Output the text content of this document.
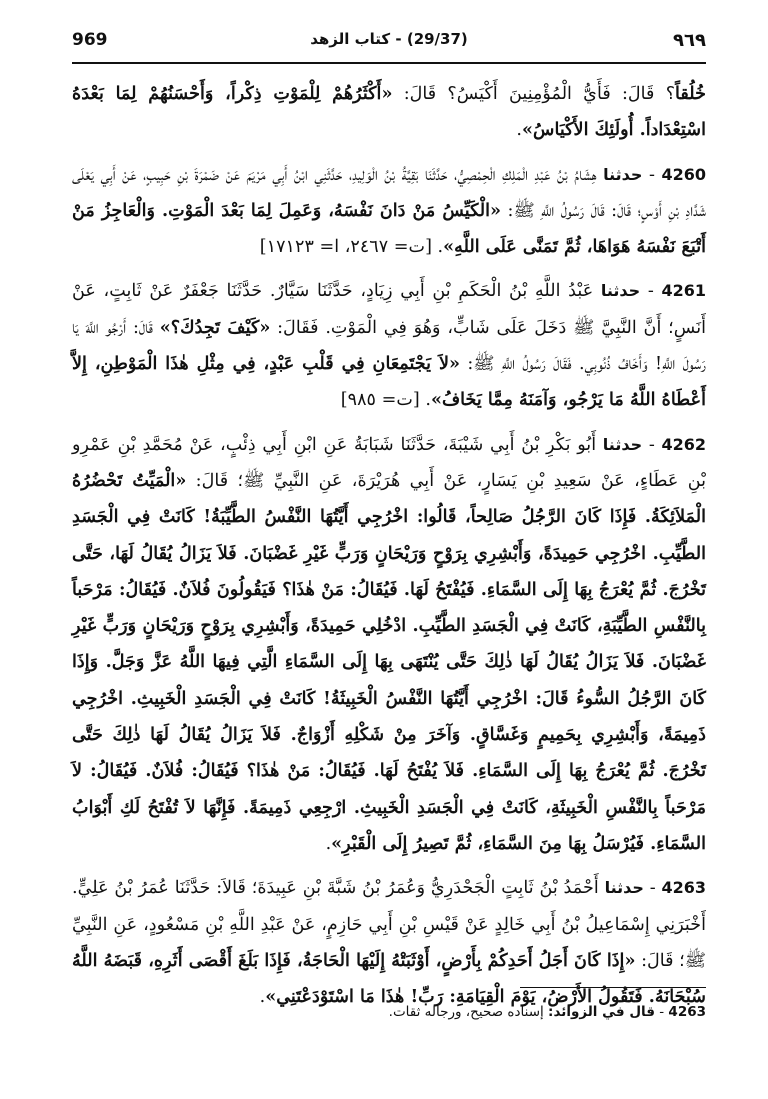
969	(29/37) - كتاب الزهد	٩٦٩

خُلُقاً؟ قَالَ: فَأَيُّ الْمُؤْمِنِينَ أَكْيَسُ؟ قَالَ: «أَكْثَرُهُمْ لِلْمَوْتِ ذِكْراً، وَأَحْسَنُهُمْ لِمَا بَعْدَهُ اسْتِعْدَاداً. أُولَئِكَ الأَكْيَاسُ».

4260 - حدثنا هِشَامُ بْنُ عَبْدِ الْمَلِكِ الْحِمْصِيُّ، حَدَّثَنَا بَقِيَّةُ بْنُ الْوَلِيدِ، حَدَّثَنِي ابْنُ أَبِي مَرْيَمَ عَنْ ضَمْرَةَ بْنِ حَبِيبٍ، عَنْ أَبِي يَعْلَى شَدَّادِ بْنِ أَوْسٍ؛ قَالَ: قَالَ رَسُولُ اللَّهِ ﷺ: «الْكَيِّسُ مَنْ دَانَ نَفْسَهُ، وَعَمِلَ لِمَا بَعْدَ الْمَوْتِ. وَالْعَاجِزُ مَنْ أَتْبَعَ نَفْسَهُ هَوَاهَا، ثُمَّ تَمَنَّى عَلَى اللَّهِ». [ت= ٢٤٦٧، ا= ١٧١٢٣]

4261 - حدثنا عَبْدُ اللَّهِ بْنُ الْحَكَمِ بْنِ أَبِي زِيَادٍ، حَدَّثَنَا سَيَّارٌ. حَدَّثَنَا جَعْفَرٌ عَنْ ثَابِتٍ، عَنْ أَنَسٍ؛ أَنَّ النَّبِيَّ ﷺ دَخَلَ عَلَى شَابٍّ، وَهُوَ فِي الْمَوْتِ. فَقَالَ: «كَيْفَ تَجِدُكَ؟» قَالَ: أَرْجُو اللَّهَ يَا رَسُولَ اللَّهِ! وَأَخَافُ ذُنُوبِي. فَقَالَ رَسُولُ اللَّهِ ﷺ: «لاَ يَجْتَمِعَانِ فِي قَلْبِ عَبْدٍ، فِي مِثْلِ هٰذَا الْمَوْطِنِ، إِلاَّ أَعْطَاهُ اللَّهُ مَا يَرْجُو، وَآمَنَهُ مِمَّا يَخَافُ». [ت= ٩٨٥]

4262 - حدثنا أَبُو بَكْرِ بْنُ أَبِي شَيْبَةَ، حَدَّثَنَا شَبَابَةُ عَنِ ابْنِ أَبِي ذِئْبٍ، عَنْ مُحَمَّدِ بْنِ عَمْرِو بْنِ عَطَاءٍ، عَنْ سَعِيدِ بْنِ يَسَارٍ، عَنْ أَبِي هُرَيْرَةَ، عَنِ النَّبِيِّ ﷺ؛ قَالَ: «الْمَيِّتُ تَحْضُرُهُ الْمَلاَئِكَةُ. فَإِذَا كَانَ الرَّجُلُ صَالِحاً، قَالُوا: اخْرُجِي أَيَّتُهَا النَّفْسُ الطَّيِّبَةُ! كَانَتْ فِي الْجَسَدِ الطَّيِّبِ. اخْرُجِي حَمِيدَةً، وَأَبْشِرِي بِرَوْحٍ وَرَيْحَانٍ وَرَبٍّ غَيْرِ غَضْبَانَ. فَلاَ يَزَالُ يُقَالُ لَهَا، حَتَّى تَخْرُجَ. ثُمَّ يُعْرَجُ بِهَا إِلَى السَّمَاءِ. فَيُفْتَحُ لَهَا. فَيُقَالُ: مَنْ هٰذَا؟ فَيَقُولُونَ فُلاَنٌ. فَيُقَالُ: مَرْحَباً بِالنَّفْسِ الطَّيِّبَةِ، كَانَتْ فِي الْجَسَدِ الطَّيِّبِ. ادْخُلِي حَمِيدَةً، وَأَبْشِرِي بِرَوْحٍ وَرَيْحَانٍ وَرَبٍّ غَيْرِ غَضْبَانَ. فَلاَ يَزَالُ يُقَالُ لَهَا ذٰلِكَ حَتَّى يُنْتَهَى بِهَا إِلَى السَّمَاءِ الَّتِي فِيهَا اللَّهُ عَزَّ وَجَلَّ. وَإِذَا كَانَ الرَّجُلُ السُّوءُ قَالَ: اخْرُجِي أَيَّتُهَا النَّفْسُ الْخَبِيثَةُ! كَانَتْ فِي الْجَسَدِ الْخَبِيثِ. اخْرُجِي ذَمِيمَةً، وَأَبْشِرِي بِحَمِيمٍ وَغَسَّاقٍ. وَآخَرَ مِنْ شَكْلِهِ أَزْوَاجٌ. فَلاَ يَزَالُ يُقَالُ لَهَا ذٰلِكَ حَتَّى تَخْرُجَ. ثُمَّ يُعْرَجُ بِهَا إِلَى السَّمَاءِ. فَلاَ يُفْتَحُ لَهَا. فَيُقَالُ: مَنْ هٰذَا؟ فَيُقَالُ: فُلاَنٌ. فَيُقَالُ: لاَ مَرْحَباً بِالنَّفْسِ الْخَبِيثَةِ، كَانَتْ فِي الْجَسَدِ الْخَبِيثِ. ارْجِعِي ذَمِيمَةً. فَإِنَّهَا لاَ تُفْتَحُ لَكِ أَبْوَابُ السَّمَاءِ. فَيُرْسَلُ بِهَا مِنَ السَّمَاءِ، ثُمَّ تَصِيرُ إِلَى الْقَبْرِ».

4263 - حدثنا أَحْمَدُ بْنُ ثَابِتٍ الْجَحْدَرِيُّ وَعُمَرُ بْنُ شَبَّةَ بْنِ عَبِيدَةَ؛ قَالاَ: حَدَّثَنَا عُمَرُ بْنُ عَلِيٍّ. أَخْبَرَنِي إِسْمَاعِيلُ بْنُ أَبِي خَالِدٍ عَنْ قَيْسِ بْنِ أَبِي حَازِمٍ، عَنْ عَبْدِ اللَّهِ بْنِ مَسْعُودٍ، عَنِ النَّبِيِّ ﷺ؛ قَالَ: «إِذَا كَانَ أَجَلُ أَحَدِكُمْ بِأَرْضٍ، أَوْثَبَتْهُ إِلَيْهَا الْحَاجَةُ، فَإِذَا بَلَغَ أَقْصَى أَثَرِهِ، قَبَضَهُ اللَّهُ سُبْحَانَهُ. فَتَقُولُ الأَرْضُ، يَوْمَ الْقِيَامَةِ: رَبِّ! هٰذَا مَا اسْتَوْدَعْتَنِي».

4263 - قال في الزوائد: إسناده صحيح، ورجاله ثقات.
